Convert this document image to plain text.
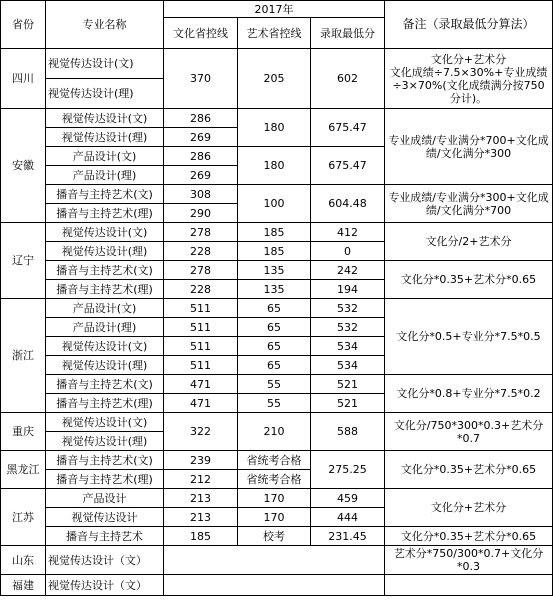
省份	专业名称	2017年			备注（录取最低分算法）
		文化省控线	艺术省控线	录取最低分	

四川	视觉传达设计(文)	370	205	602	文化分+艺术分
文化成绩÷7.5×30%+专业成绩÷3×70%(文化成绩满分按750分计)。
	视觉传达设计(理)				
安徽	视觉传达设计(文)	286	180	675.47	专业成绩/专业满分*700+文化成绩/文化满分*300
	视觉传达设计(理)	269			
	产品设计(文)	286	180	675.47	
	产品设计(理)	269			
	播音与主持艺术(文)	308	100	604.48	专业成绩/专业满分*300+文化成绩/文化满分*700
	播音与主持艺术(理)	290			
辽宁	视觉传达设计(文)	278	185	412	文化分/2+艺术分
	视觉传达设计(理)	228	185	0	
	播音与主持艺术(文)	278	135	242	文化分*0.35+艺术分*0.65
	播音与主持艺术(理)	228	135	194	
浙江	产品设计(文)	511	65	532	文化分*0.5+专业分*7.5*0.5
	产品设计(理)	511	65	532	
	视觉传达设计(文)	511	65	534	
	视觉传达设计(理)	511	65	534	
	播音与主持艺术(文)	471	55	521	文化分*0.8+专业分*7.5*0.2
	播音与主持艺术(理)	471	55	521	
重庆	视觉传达设计(文)	322	210	588	文化分/750*300*0.3+艺术分*0.7
	视觉传达设计(理)				
黑龙江	播音与主持艺术(文)	239	省统考合格	275.25	文化分*0.35+艺术分*0.65
	播音与主持艺术(理)	212	省统考合格		
江苏	产品设计	213	170	459	文化分+艺术分
	视觉传达设计	213	170	444	
	播音与主持艺术	185	校考	231.45	文化分*0.35+艺术分*0.65
山东	视觉传达设计（文）				艺术分*750/300*0.7+文化分*0.3
福建	视觉传达设计（文）				
